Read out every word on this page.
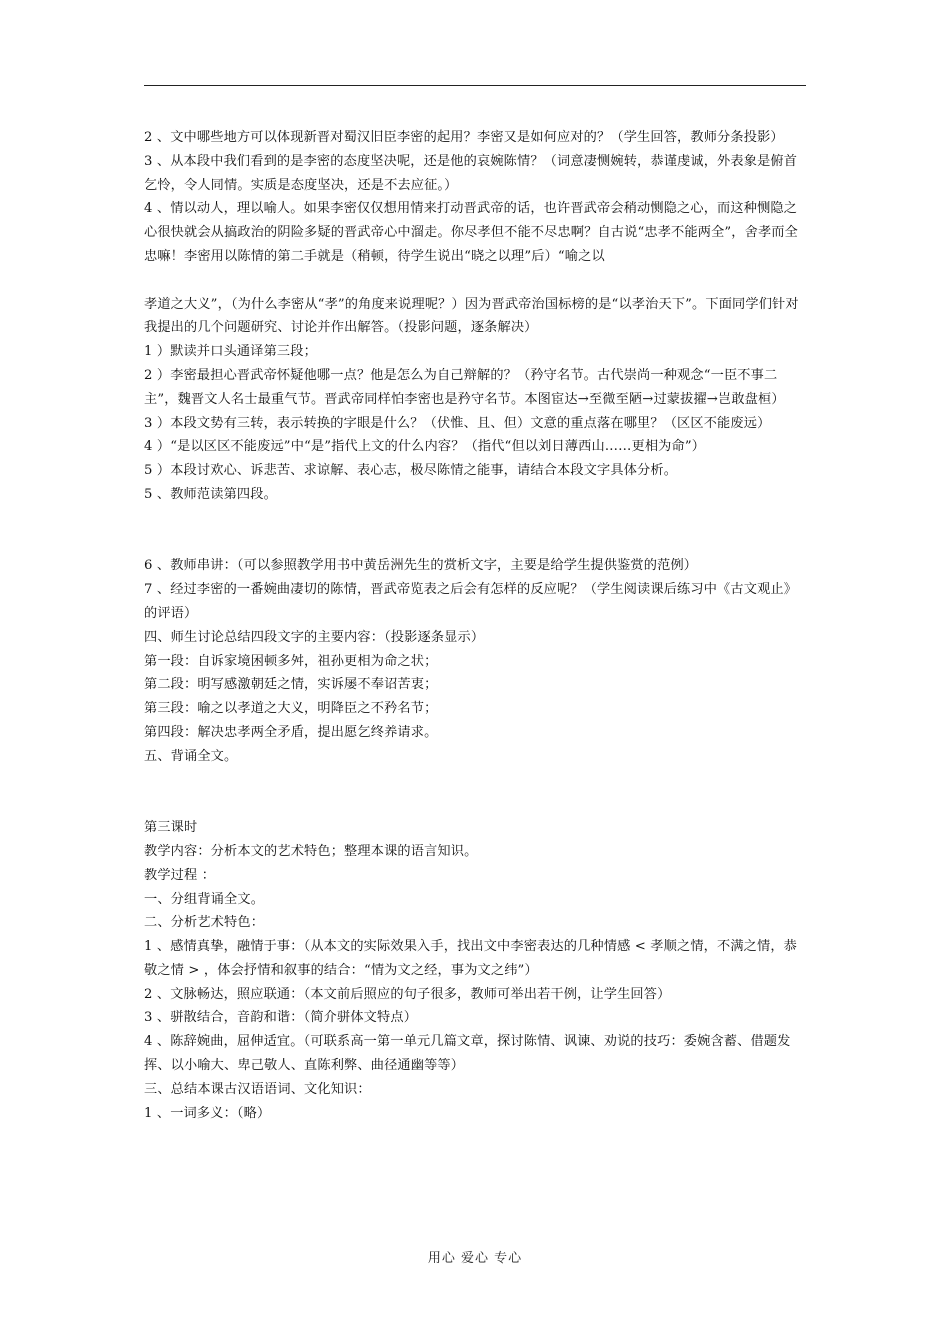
2 、文中哪些地方可以体现新晋对蜀汉旧臣李密的起用？李密又是如何应对的？（学生回答，教师分条投影）

3 、从本段中我们看到的是李密的态度坚决呢，还是他的哀婉陈情？（词意凄恻婉转，恭谨虔诚，外表象是俯首乞怜，令人同情。实质是态度坚决，还是不去应征。）

4 、情以动人，理以喻人。如果李密仅仅想用情来打动晋武帝的话，也许晋武帝会稍动恻隐之心，而这种恻隐之心很快就会从搞政治的阴险多疑的晋武帝心中溜走。你尽孝但不能不尽忠啊？自古说“忠孝不能两全”，舍孝而全忠嘛！李密用以陈情的第二手就是（稍顿，待学生说出“晓之以理”后）“喻之以

孝道之大义”，（为什么李密从“孝”的角度来说理呢？）因为晋武帝治国标榜的是“以孝治天下”。下面同学们针对我提出的几个问题研究、讨论并作出解答。（投影问题，逐条解决）

1 ）默读并口头通译第三段；

2 ）李密最担心晋武帝怀疑他哪一点？他是怎么为自己辩解的？（矜守名节。古代崇尚一种观念“一臣不事二主”，魏晋文人名士最重气节。晋武帝同样怕李密也是矜守名节。本图宦达→至微至陋→过蒙拔擢→岂敢盘桓）

3 ）本段文势有三转，表示转换的字眼是什么？（伏惟、且、但）文意的重点落在哪里？（区区不能废远）

4 ）“是以区区不能废远”中“是”指代上文的什么内容？（指代“但以刘日薄西山……更相为命”）

5 ）本段讨欢心、诉悲苦、求谅解、表心志，极尽陈情之能事，请结合本段文字具体分析。

5 、教师范读第四段。

6 、教师串讲：（可以参照教学用书中黄岳洲先生的赏析文字，主要是给学生提供鉴赏的范例）

7 、经过李密的一番婉曲凄切的陈情，晋武帝览表之后会有怎样的反应呢？（学生阅读课后练习中《古文观止》的评语）

四、师生讨论总结四段文字的主要内容：（投影逐条显示）

第一段：自诉家境困顿多舛，祖孙更相为命之状；

第二段：明写感激朝廷之情，实诉屡不奉诏苦衷；

第三段：喻之以孝道之大义，明降臣之不矜名节；

第四段：解决忠孝两全矛盾，提出愿乞终养请求。

五、背诵全文。

第三课时

教学内容：分析本文的艺术特色；整理本课的语言知识。

教学过程 ：

一、分组背诵全文。

二、分析艺术特色：

1 、感情真挚，融情于事：（从本文的实际效果入手，找出文中李密表达的几种情感 < 孝顺之情，不满之情，恭敬之情 > ，体会抒情和叙事的结合：“情为文之经，事为文之纬”）

2 、文脉畅达，照应联通：（本文前后照应的句子很多，教师可举出若干例，让学生回答）

3 、骈散结合，音韵和谐：（简介骈体文特点）

4 、陈辞婉曲，屈伸适宜。（可联系高一第一单元几篇文章，探讨陈情、讽谏、劝说的技巧：委婉含蓄、借题发挥、以小喻大、卑己敬人、直陈利弊、曲径通幽等等）

三、总结本课古汉语语词、文化知识：

1 、一词多义：（略）

用心 爱心 专心
